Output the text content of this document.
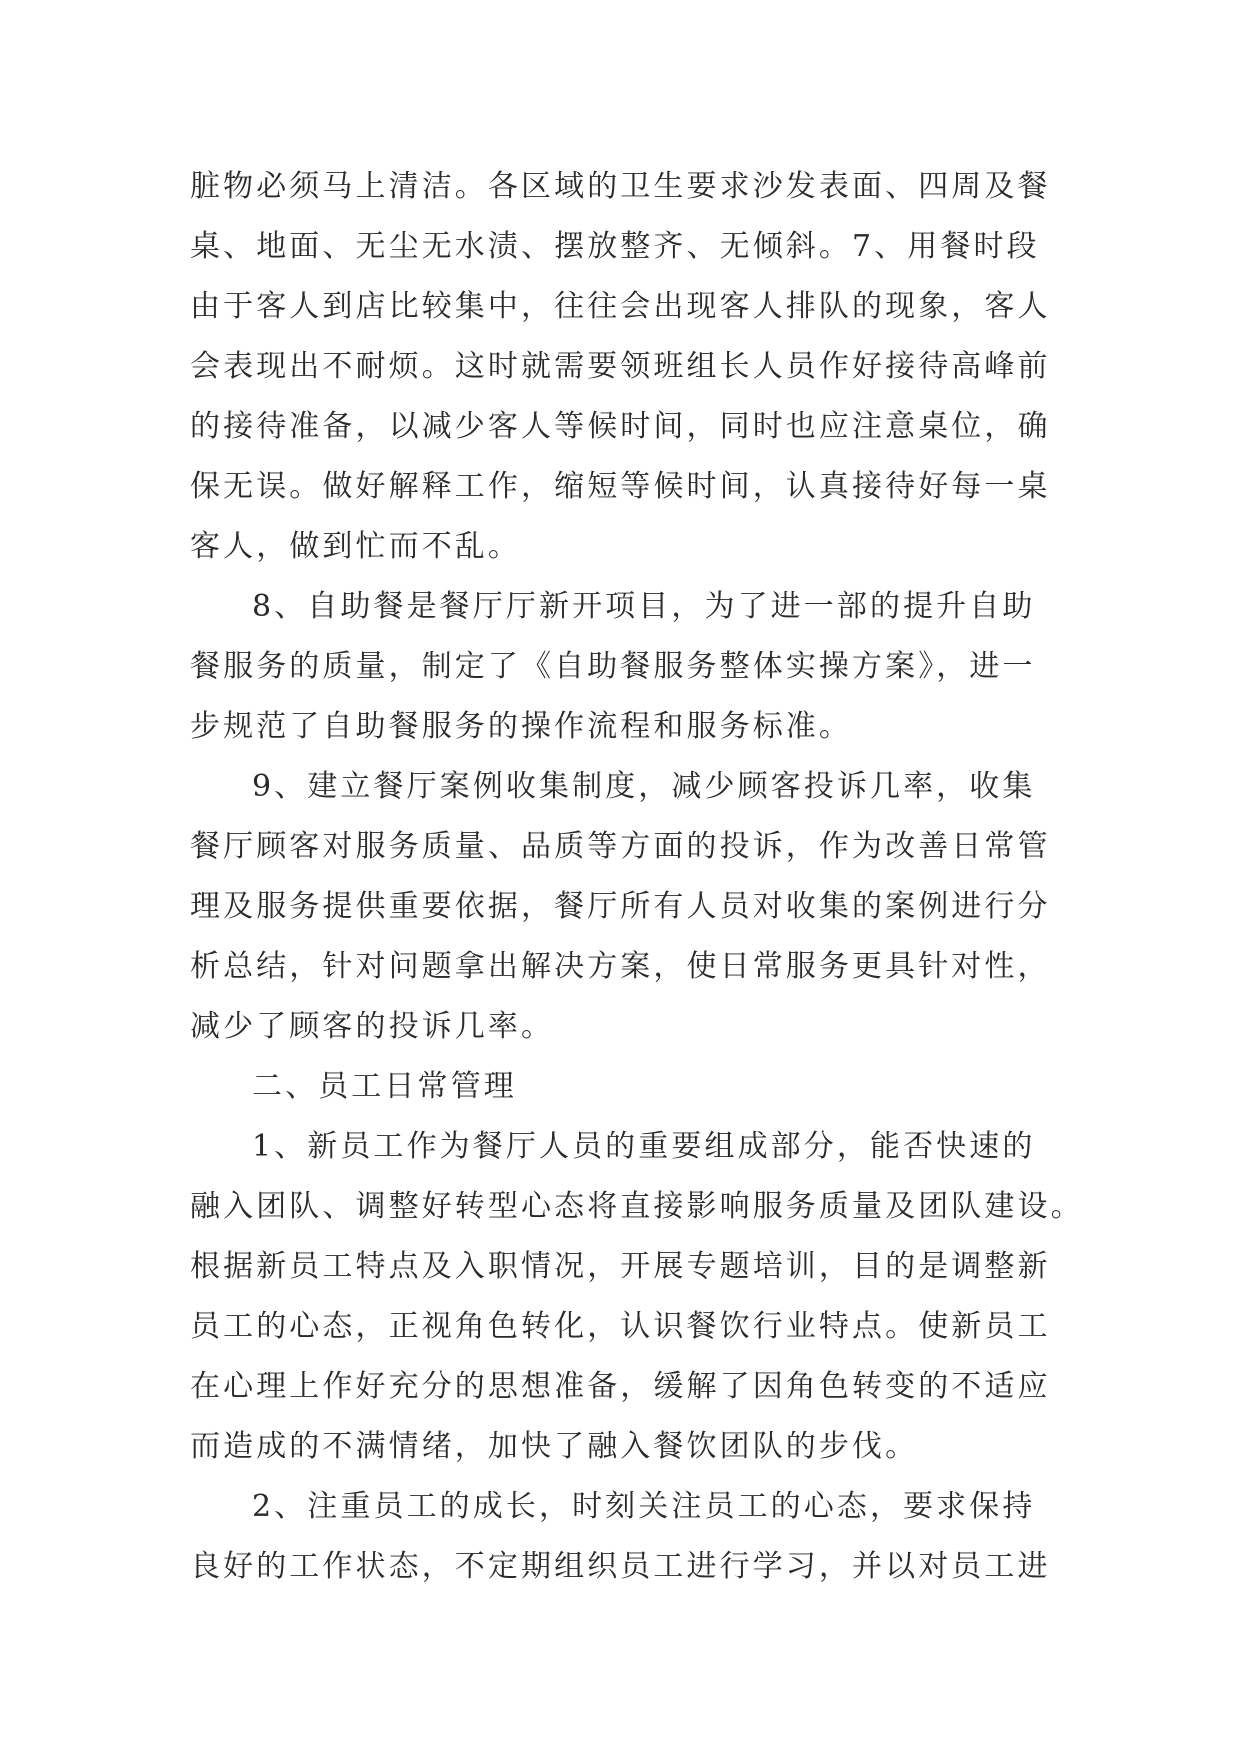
脏物必须马上清洁。各区域的卫生要求沙发表面、四周及餐
桌、地面、无尘无水渍、摆放整齐、无倾斜。7、用餐时段
由于客人到店比较集中，往往会出现客人排队的现象，客人
会表现出不耐烦。这时就需要领班组长人员作好接待高峰前
的接待准备，以减少客人等候时间，同时也应注意桌位，确
保无误。做好解释工作，缩短等候时间，认真接待好每一桌
客人，做到忙而不乱。
8、自助餐是餐厅厅新开项目，为了进一部的提升自助
餐服务的质量，制定了《自助餐服务整体实操方案》，进一
步规范了自助餐服务的操作流程和服务标准。
9、建立餐厅案例收集制度，减少顾客投诉几率，收集
餐厅顾客对服务质量、品质等方面的投诉，作为改善日常管
理及服务提供重要依据，餐厅所有人员对收集的案例进行分
析总结，针对问题拿出解决方案，使日常服务更具针对性，
减少了顾客的投诉几率。
二、员工日常管理
1、新员工作为餐厅人员的重要组成部分，能否快速的
融入团队、调整好转型心态将直接影响服务质量及团队建设。
根据新员工特点及入职情况，开展专题培训，目的是调整新
员工的心态，正视角色转化，认识餐饮行业特点。使新员工
在心理上作好充分的思想准备，缓解了因角色转变的不适应
而造成的不满情绪，加快了融入餐饮团队的步伐。
2、注重员工的成长，时刻关注员工的心态，要求保持
良好的工作状态，不定期组织员工进行学习，并以对员工进
